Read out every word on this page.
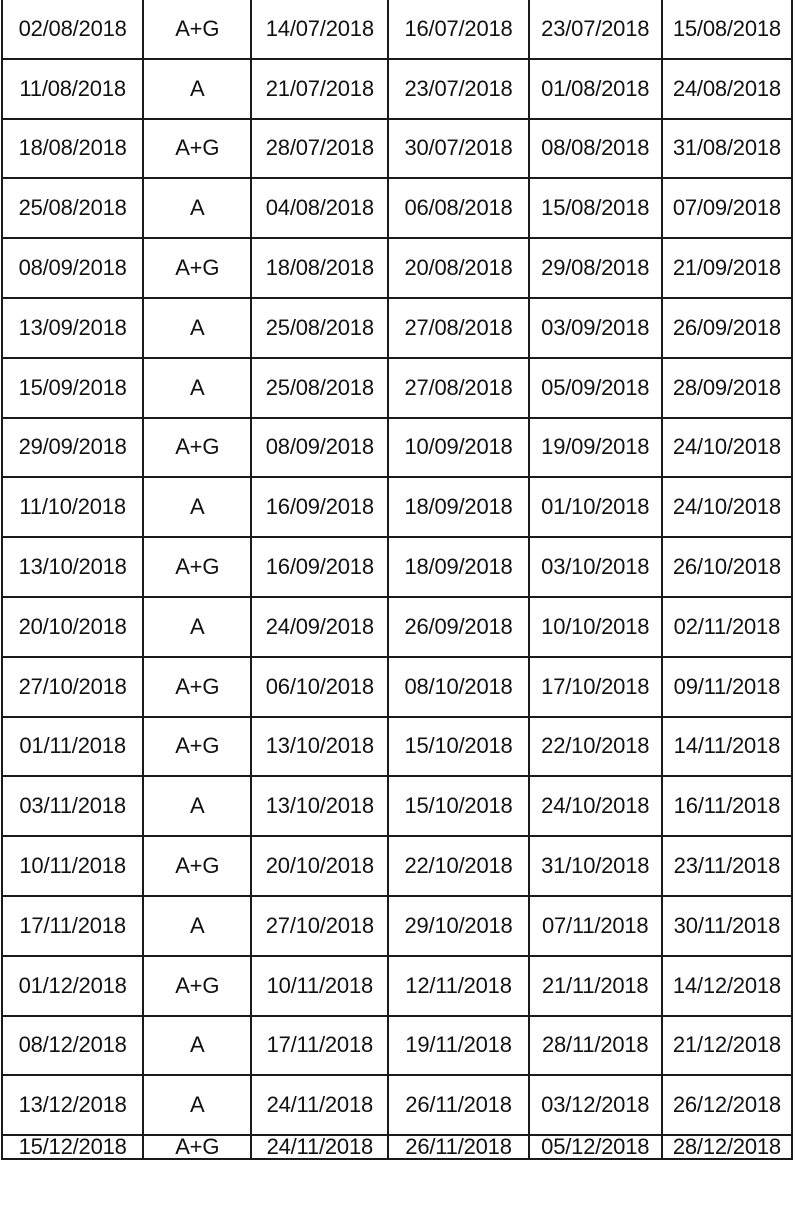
02/08/2018	A+G	14/07/2018	16/07/2018	23/07/2018	15/08/2018
11/08/2018	A	21/07/2018	23/07/2018	01/08/2018	24/08/2018
18/08/2018	A+G	28/07/2018	30/07/2018	08/08/2018	31/08/2018
25/08/2018	A	04/08/2018	06/08/2018	15/08/2018	07/09/2018
08/09/2018	A+G	18/08/2018	20/08/2018	29/08/2018	21/09/2018
13/09/2018	A	25/08/2018	27/08/2018	03/09/2018	26/09/2018
15/09/2018	A	25/08/2018	27/08/2018	05/09/2018	28/09/2018
29/09/2018	A+G	08/09/2018	10/09/2018	19/09/2018	24/10/2018
11/10/2018	A	16/09/2018	18/09/2018	01/10/2018	24/10/2018
13/10/2018	A+G	16/09/2018	18/09/2018	03/10/2018	26/10/2018
20/10/2018	A	24/09/2018	26/09/2018	10/10/2018	02/11/2018
27/10/2018	A+G	06/10/2018	08/10/2018	17/10/2018	09/11/2018
01/11/2018	A+G	13/10/2018	15/10/2018	22/10/2018	14/11/2018
03/11/2018	A	13/10/2018	15/10/2018	24/10/2018	16/11/2018
10/11/2018	A+G	20/10/2018	22/10/2018	31/10/2018	23/11/2018
17/11/2018	A	27/10/2018	29/10/2018	07/11/2018	30/11/2018
01/12/2018	A+G	10/11/2018	12/11/2018	21/11/2018	14/12/2018
08/12/2018	A	17/11/2018	19/11/2018	28/11/2018	21/12/2018
13/12/2018	A	24/11/2018	26/11/2018	03/12/2018	26/12/2018
15/12/2018	A+G	24/11/2018	26/11/2018	05/12/2018	28/12/2018
